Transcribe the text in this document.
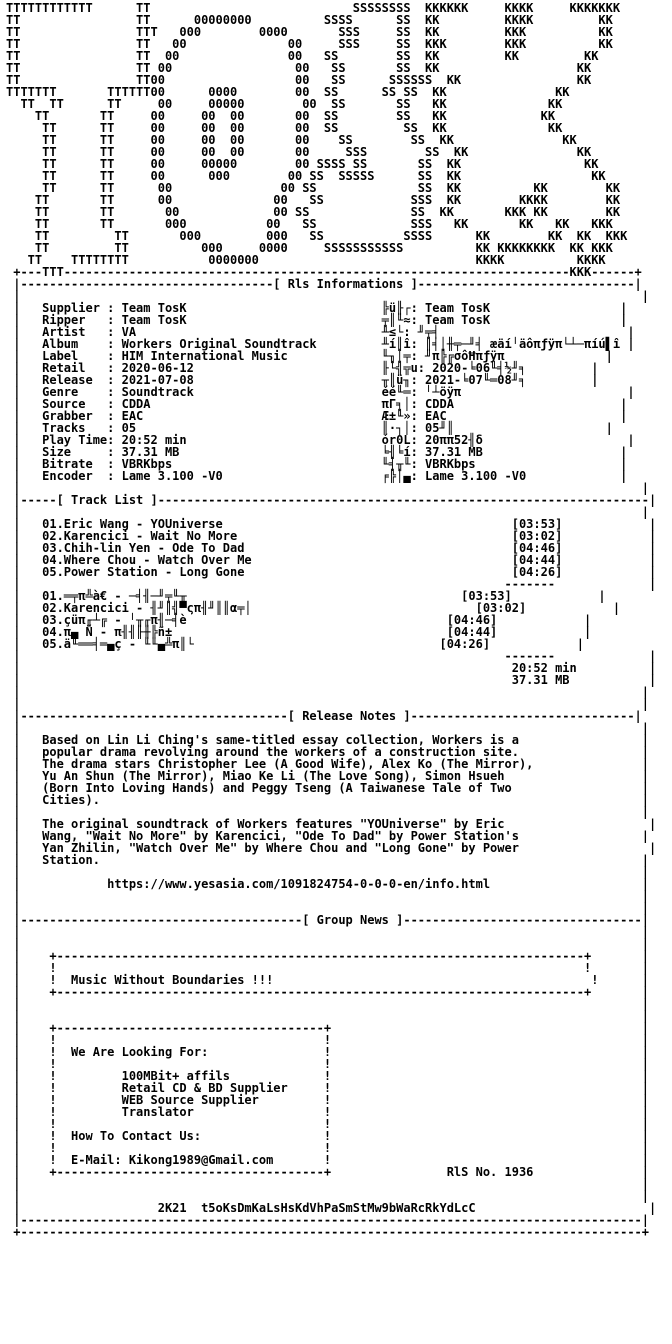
TTTTTTTTTTTT      TT                            SSSSSSSS  KKKKKK     KKKK     KKKKKKK
TT                TT      00000000          SSSS      SS  KK         KKKK         KK
TT                TTT   000        0000       SSS     SS  KK         KKK          KK
TT                TT   00              00     SSS     SS  KKK        KKK          KK
TT                TT  00               00   SS        SS  KK         KK         KK
TT                TT 00                 00   SS       SS  KK                   KK
TT                TT00                  00   SS      SSSSSS  KK                KK
TTTTTTT       TTTTTT00      0000        00  SS      SS SS  KK               KK
TT  TT      TT     00     00000        00  SS       SS   KK              KK
TT       TT     00     00  00       00  SS        SS   KK             KK
TT      TT     00     00  00       00  SS         SS  KK              KK
TT      TT     00     00  00       00    SS        SS  KK               KK
TT      TT     00     00  00       00     SSS        SS  KK               KK
TT      TT     00     00000        00 SSSS SS       SS  KK                 KK
TT      TT     00      000        00 SS  SSSSS      SS  KK                  KK
TT      TT      00               00 SS              SS  KK          KK        KK
TT       TT      00              00   SS            SSS  KK        KKKK        KK
TT       TT       00             00 SS              SS  KK       KKK KK        KK
TT       TT       000           00   SS             SSS   KK       KK   KK   KKK
TT         TT       000         000   SS           SSSS      KK        KK  KK  KKK
TT         TT          000     0000     SSSSSSSSSSS          KK KKKKKKKK  KK KKK
TT    TTTTTTTT           0000000                              KKKK          KKKK
+---TTT----------------------------------------------------------------------KKK------+
|-----------------------------------[ Rls Informations ]------------------------------|
|                                                                                      |
|   Supplier : Team TosK                           ╠ü╟┌: Team TosK                  |
|   Ripper   : Team TosK                           ╤║╙≈: Team TosK                  |
|   Artist   : VA                                  ╨≤└: ╜╤╡                          |
|   Album    : Workers Original Soundtrack         ╨í║î: ║╡│╫╤─╜╡ æäí╵äôπƒÿπ└┴─πíú▌î |
|   Label    : HIM International Music             ╙╖│╤: ╜π╠╔σôĦπƒÿπ              |
|   Retail   : 2020-06-12                          ╟└╣╦u: 2020-╘06╙╡½╜╕         |
|   Release  : 2021-07-08                          ╥║ü╖: 2021-╘07╙═08╜╕         |
|   Genre    : Soundtrack                          éé╙═: ╵┴öÿπ                       |
|   Source   : CDDA                                πΓ╕│: CDDA                       |
|   Grabber  : EAC                                 Æ±╙»: EAC                        |
|   Tracks   : 05                                  ║·┐│: 05╜║                     |
|   Play Time: 20:52 min                           ór0L: 20ππ52╢δ                    |
|   Size     : 37.31 MB                            ╘╢╘í: 37.31 MB                   |
|   Bitrate  : VBRKbps                             ╙╡╥╙: VBRKbps                    |
|   Encoder  : Lame 3.100 -V0                      ╒╠│▄: Lame 3.100 -V0             |
|                                                                                      |
|-----[ Track List ]--------------------------------------------------------------------|
|                                                                                      |
|   01.Eric Wang - YOUniverse                                        [03:53]            |
|   02.Karencici - Wait No More                                      [03:02]            |
|   03.Chih-lin Yen - Ode To Dad                                     [04:46]            |
|   04.Where Chou - Watch Over Me                                    [04:44]            |
|   05.Power Station - Long Gone                                     [04:26]            |
|                                                                   -------             |
|   01.═╤π╩à€ - ─╡╢─╜╤╙╥                                      [03:53]            |
|   02.Karencici - ╢╜║╣▀ςπ╢╜║║α╤│                               [03:02]            |
|   03.çüπ╓┴╔ - ╵╥╓π╢─╡è                                    [04:46]            |
|   04.π▄ Ñ - π╢╢╟╫╠ñ±                                      [04:44]            |
|   05.ä╙══╡═▄ç - ╙╙▄╩π║└                                  [04:26]            |
|                                                                   -------             |
|                                                                    20:52 min          |
|                                                                    37.31 MB           |
|                                                                                      |
|                                                                                      |
|-------------------------------------[ Release Notes ]-------------------------------|
|                                                                                      |
|   Based on Lin Li Ching's same-titled essay collection, Workers is a                 |
|   popular drama revolving around the workers of a construction site.                 |
|   The drama stars Christopher Lee (A Good Wife), Alex Ko (The Mirror),               |
|   Yu An Shun (The Mirror), Miao Ke Li (The Love Song), Simon Hsueh                   |
|   (Born Into Loving Hands) and Peggy Tseng (A Taiwanese Tale of Two                  |
|   Cities).                                                                           |
|                                                                                      |
|   The original soundtrack of Workers features "YOUniverse" by Eric                    |
|   Wang, "Wait No More" by Karencici, "Ode To Dad" by Power Station's                 |
|   Yan Zhilin, "Watch Over Me" by Where Chou and "Long Gone" by Power                  |
|   Station.                                                                           |
|                                                                                      |
|            https://www.yesasia.com/1091824754-0-0-0-en/info.html                     |
|                                                                                      |
|                                                                                      |
|---------------------------------------[ Group News ]---------------------------------|
|                                                                                      |
|                                                                                      |
|    +-------------------------------------------------------------------------+       |
|    !                                                                         !       |
|    !  Music Without Boundaries !!!                                            !      |
|    +-------------------------------------------------------------------------+       |
|                                                                                      |
|                                                                                      |
|    +-------------------------------------+                                           |
|    !                                     !                                           |
|    !  We Are Looking For:                !                                           |
|    !                                     !                                           |
|    !         100MBit+ affils             !                                           |
|    !         Retail CD & BD Supplier     !                                           |
|    !         WEB Source Supplier         !                                           |
|    !         Translator                  !                                           |
|    !                                     !                                           |
|    !  How To Contact Us:                 !                                           |
|    !                                     !                                           |
|    !  E-Mail: Kikong1989@Gmail.com       !                                           |
|    +-------------------------------------+                RlS No. 1936               |
|                                                                                      |
|                                                                                      |
|                   2K21  t5oKsDmKaLsHsKdVhPaSmStMw9bWaRcRkYdLcC                        |
|--------------------------------------------------------------------------------------|
+--------------------------------------------------------------------------------------+
